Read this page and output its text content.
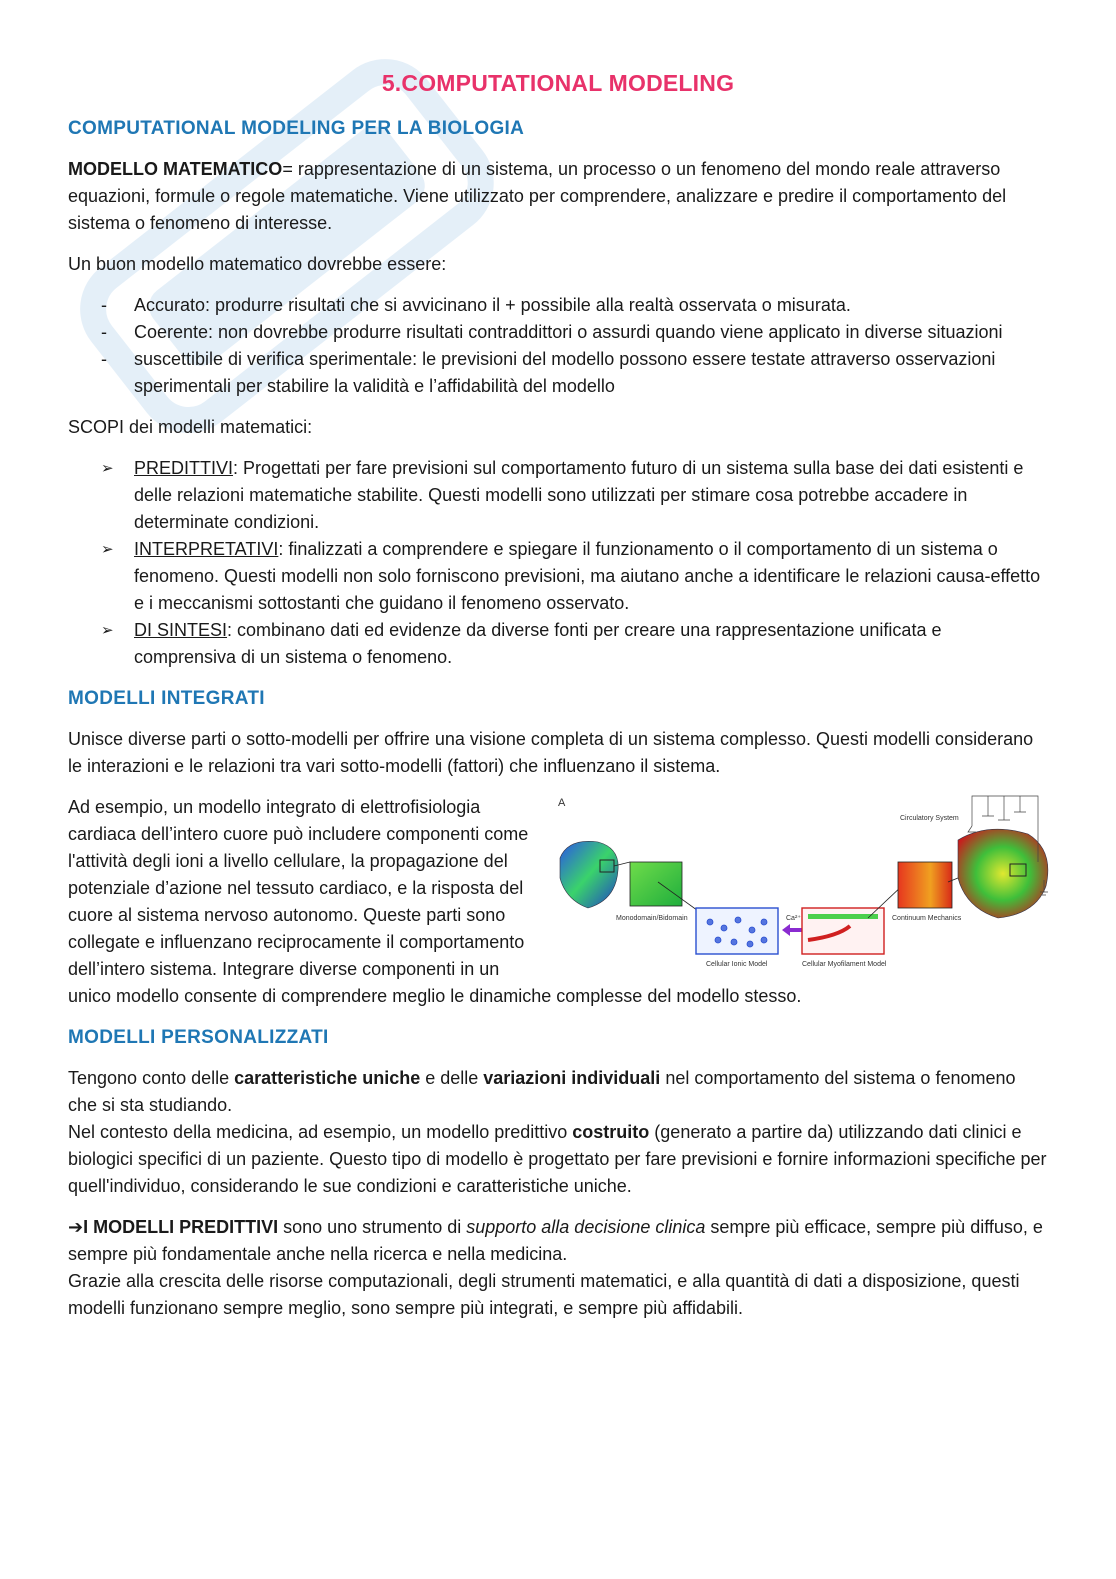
5.COMPUTATIONAL MODELING
COMPUTATIONAL MODELING PER LA BIOLOGIA

MODELLO MATEMATICO= rappresentazione di un sistema, un processo o un fenomeno del mondo reale attraverso equazioni, formule o regole matematiche. Viene utilizzato per comprendere, analizzare e predire il comportamento del sistema o fenomeno di interesse.

Un buon modello matematico dovrebbe essere:

- Accurato: produrre risultati che si avvicinano il + possibile alla realtà osservata o misurata.
- Coerente: non dovrebbe produrre risultati contraddittori o assurdi quando viene applicato in diverse situazioni
- suscettibile di verifica sperimentale: le previsioni del modello possono essere testate attraverso osservazioni sperimentali per stabilire la validità e l’affidabilità del modello

SCOPI dei modelli matematici:

➢ PREDITTIVI: Progettati per fare previsioni sul comportamento futuro di un sistema sulla base dei dati esistenti e delle relazioni matematiche stabilite. Questi modelli sono utilizzati per stimare cosa potrebbe accadere in determinate condizioni.
➢ INTERPRETATIVI: finalizzati a comprendere e spiegare il funzionamento o il comportamento di un sistema o fenomeno. Questi modelli non solo forniscono previsioni, ma aiutano anche a identificare le relazioni causa-effetto e i meccanismi sottostanti che guidano il fenomeno osservato.
➢ DI SINTESI: combinano dati ed evidenze da diverse fonti per creare una rappresentazione unificata e comprensiva di un sistema o fenomeno.
MODELLI INTEGRATI

Unisce diverse parti o sotto-modelli per offrire una visione completa di un sistema complesso. Questi modelli considerano le interazioni e le relazioni tra vari sotto-modelli (fattori) che influenzano il sistema.

A
Monodomain/Bidomain
Cellular Ionic Model
Ca²⁺
Cellular Myofilament Model
Continuum Mechanics
Circulatory System

Ad esempio, un modello integrato di elettrofisiologia cardiaca dell’intero cuore può includere componenti come l'attività degli ioni a livello cellulare, la propagazione del potenziale d’azione nel tessuto cardiaco, e la risposta del cuore al sistema nervoso autonomo. Queste parti sono collegate e influenzano reciprocamente il comportamento dell’intero sistema. Integrare diverse componenti in un unico modello consente di comprendere meglio le dinamiche complesse del modello stesso.

MODELLI PERSONALIZZATI

Tengono conto delle caratteristiche uniche e delle variazioni individuali nel comportamento del sistema o fenomeno che si sta studiando.

Nel contesto della medicina, ad esempio, un modello predittivo costruito (generato a partire da) utilizzando dati clinici e biologici specifici di un paziente. Questo tipo di modello è progettato per fare previsioni e fornire informazioni specifiche per quell'individuo, considerando le sue condizioni e caratteristiche uniche.

➔I MODELLI PREDITTIVI sono uno strumento di supporto alla decisione clinica sempre più efficace, sempre più diffuso, e sempre più fondamentale anche nella ricerca e nella medicina.

Grazie alla crescita delle risorse computazionali, degli strumenti matematici, e alla quantità di dati a disposizione, questi modelli funzionano sempre meglio, sono sempre più integrati, e sempre più affidabili.
